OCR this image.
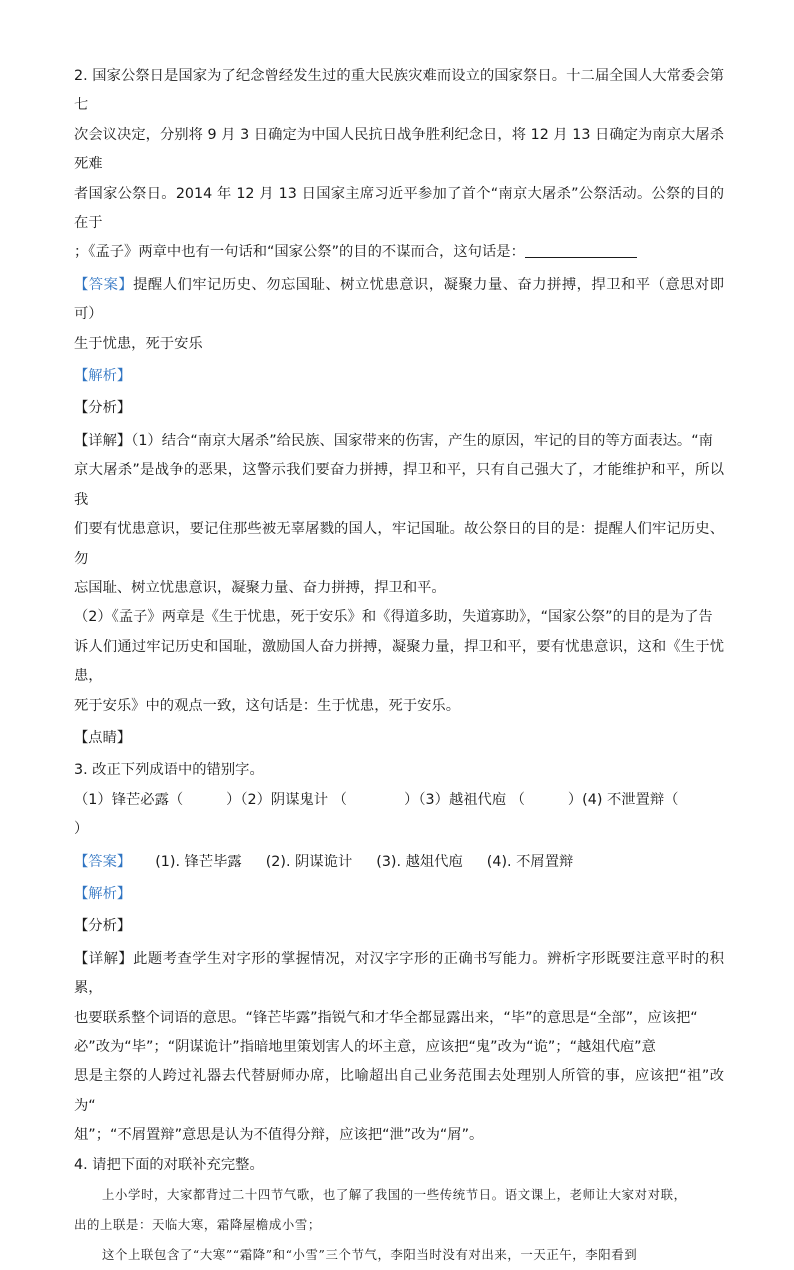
2. 国家公祭日是国家为了纪念曾经发生过的重大民族灾难而设立的国家祭日。十二届全国人大常委会第七

次会议决定，分别将 9 月 3 日确定为中国人民抗日战争胜利纪念日，将 12 月 13 日确定为南京大屠杀死难

者国家公祭日。2014 年 12 月 13 日国家主席习近平参加了首个“南京大屠杀”公祭活动。公祭的目的在于

；《孟子》两章中也有一句话和“国家公祭”的目的不谋而合，这句话是：

【答案】提醒人们牢记历史、勿忘国耻、树立忧患意识，凝聚力量、奋力拼搏，捍卫和平（意思对即可）

生于忧患，死于安乐

【解析】

【分析】

【详解】（1）结合“南京大屠杀”给民族、国家带来的伤害，产生的原因，牢记的目的等方面表达。“南

京大屠杀”是战争的恶果，这警示我们要奋力拼搏，捍卫和平，只有自己强大了，才能维护和平，所以我

们要有忧患意识，要记住那些被无辜屠戮的国人，牢记国耻。故公祭日的目的是：提醒人们牢记历史、勿

忘国耻、树立忧患意识，凝聚力量、奋力拼搏，捍卫和平。

（2）《孟子》两章是《生于忧患，死于安乐》和《得道多助，失道寡助》，“国家公祭”的目的是为了告

诉人们通过牢记历史和国耻，激励国人奋力拼搏，凝聚力量，捍卫和平，要有忧患意识，这和《生于忧患，

死于安乐》中的观点一致，这句话是：生于忧患，死于安乐。

【点睛】

3. 改正下列成语中的错别字。

（1）锋芒必露（　　　）（2）阴谋鬼计 （　　　　）（3）越祖代庖 （　　　）(4) 不泄置辩（

）

【答案】 (1). 锋芒毕露 (2). 阴谋诡计 (3). 越俎代庖 (4). 不屑置辩

【解析】

【分析】

【详解】此题考查学生对字形的掌握情况，对汉字字形的正确书写能力。辨析字形既要注意平时的积累，

也要联系整个词语的意思。“锋芒毕露”指锐气和才华全都显露出来，“毕”的意思是“全部”，应该把“

必”改为“毕”；“阴谋诡计”指暗地里策划害人的坏主意，应该把“鬼”改为“诡”；“越俎代庖”意

思是主祭的人跨过礼器去代替厨师办席，比喻超出自己业务范围去处理别人所管的事，应该把“祖”改为“

俎”；“不屑置辩”意思是认为不值得分辩，应该把“泄”改为“屑”。

4. 请把下面的对联补充完整。

上小学时，大家都背过二十四节气歌，也了解了我国的一些传统节日。语文课上，老师让大家对对联，

出的上联是：天临大寒，霜降屋檐成小雪；

这个上联包含了“大寒”“霜降”和“小雪”三个节气，李阳当时没有对出来，一天正午，李阳看到
